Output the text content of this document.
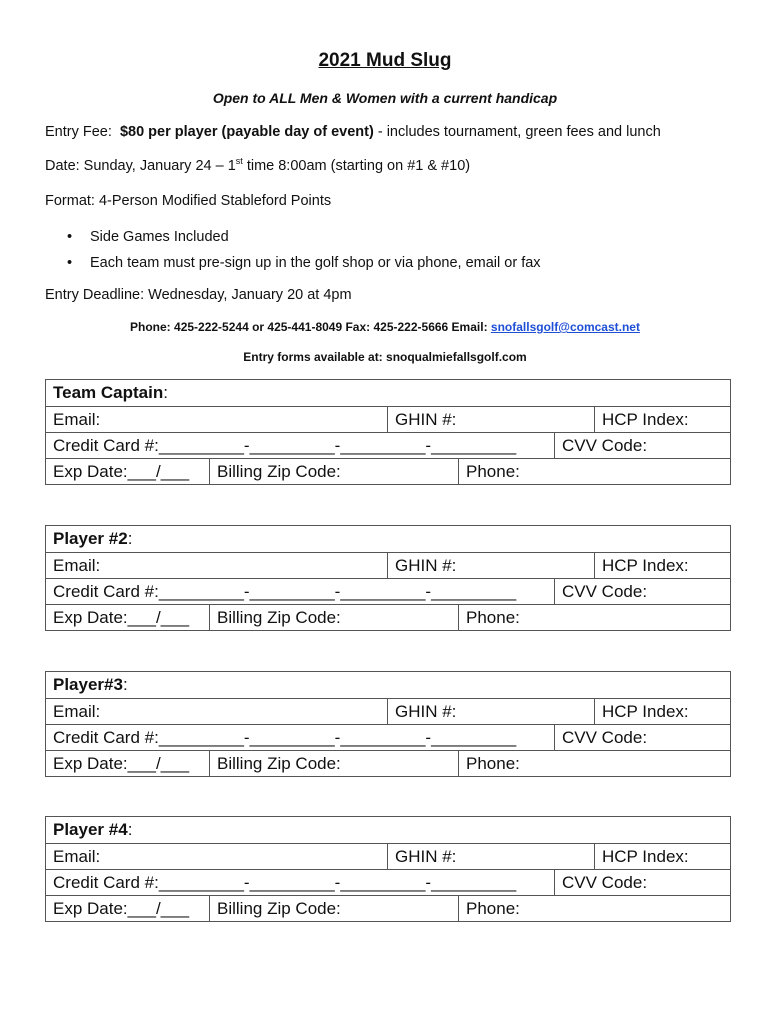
2021 Mud Slug
Open to ALL Men & Women with a current handicap
Entry Fee: $80 per player (payable day of event) - includes tournament, green fees and lunch
Date: Sunday, January 24 – 1st time 8:00am (starting on #1 & #10)
Format: 4-Person Modified Stableford Points
• Side Games Included
• Each team must pre-sign up in the golf shop or via phone, email or fax
Entry Deadline: Wednesday, January 20 at 4pm
Phone: 425-222-5244 or 425-441-8049 Fax: 425-222-5666 Email: snofallsgolf@comcast.net
Entry forms available at: snoqualmiefallsgolf.com
Team Captain:
Email:	GHIN #:	HCP Index:
Credit Card #:_________-_________-_________-_________	CVV Code:
Exp Date:___/___	Billing Zip Code:	Phone:
Player #2:
Email:	GHIN #:	HCP Index:
Credit Card #:_________-_________-_________-_________	CVV Code:
Exp Date:___/___	Billing Zip Code:	Phone:
Player#3:
Email:	GHIN #:	HCP Index:
Credit Card #:_________-_________-_________-_________	CVV Code:
Exp Date:___/___	Billing Zip Code:	Phone:
Player #4:
Email:	GHIN #:	HCP Index:
Credit Card #:_________-_________-_________-_________	CVV Code:
Exp Date:___/___	Billing Zip Code:	Phone:
